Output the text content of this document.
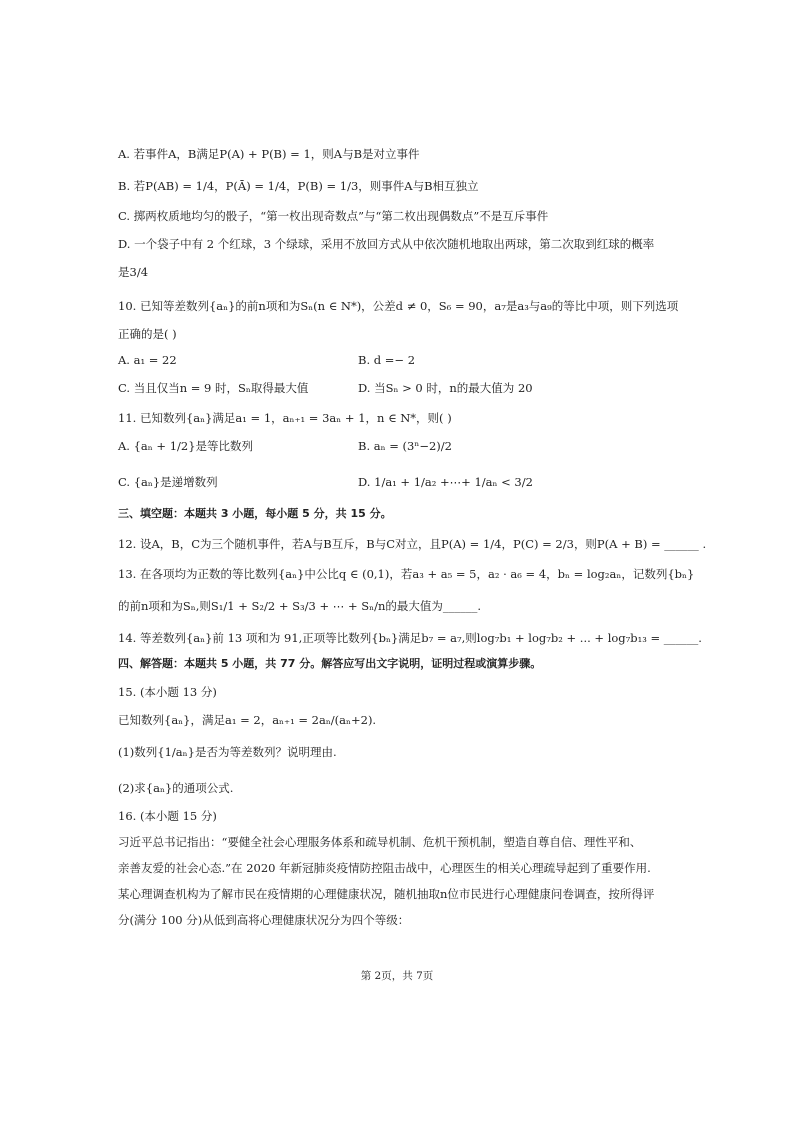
A. 若事件A，B满足P(A) + P(B) = 1，则A与B是对立事件
B. 若P(AB) = 1/4，P(Ā) = 1/4，P(B) = 1/3，则事件A与B相互独立
C. 掷两枚质地均匀的骰子，“第一枚出现奇数点”与“第二枚出现偶数点”不是互斥事件
D. 一个袋子中有 2 个红球，3 个绿球，采用不放回方式从中依次随机地取出两球，第二次取到红球的概率
是3/4
10. 已知等差数列{aₙ}的前n项和为Sₙ(n ∈ N*)，公差d ≠ 0，S₆ = 90，a₇是a₃与a₉的等比中项，则下列选项
正确的是( )
11. 已知数列{aₙ}满足a₁ = 1，aₙ₊₁ = 3aₙ + 1，n ∈ N*，则( )
三、填空题：本题共 3 小题，每小题 5 分，共 15 分。
12. 设A，B，C为三个随机事件，若A与B互斥，B与C对立，且P(A) = 1/4，P(C) = 2/3，则P(A + B) = ______ .
13. 在各项均为正数的等比数列{aₙ}中公比q ∈ (0,1)，若a₃ + a₅ = 5，a₂ · a₆ = 4，bₙ = log₂aₙ，记数列{bₙ}
的前n项和为Sₙ,则S₁/1 + S₂/2 + S₃/3 + ⋯ + Sₙ/n的最大值为______.
14. 等差数列{aₙ}前 13 项和为 91,正项等比数列{bₙ}满足b₇ = a₇,则log₇b₁ + log₇b₂ + ... + log₇b₁₃ = ______.
四、解答题：本题共 5 小题，共 77 分。解答应写出文字说明，证明过程或演算步骤。
15. (本小题 13 分)
已知数列{aₙ}，满足a₁ = 2，aₙ₊₁ = 2aₙ/(aₙ+2).
(1)数列{1/aₙ}是否为等差数列？说明理由.
(2)求{aₙ}的通项公式.
16. (本小题 15 分)
习近平总书记指出：“要健全社会心理服务体系和疏导机制、危机干预机制，塑造自尊自信、理性平和、
亲善友爱的社会心态.”在 2020 年新冠肺炎疫情防控阻击战中，心理医生的相关心理疏导起到了重要作用.
某心理调查机构为了解市民在疫情期的心理健康状况，随机抽取n位市民进行心理健康问卷调查，按所得评
分(满分 100 分)从低到高将心理健康状况分为四个等级：
A. a₁ = 22	B. d =− 2
C. 当且仅当n = 9 时，Sₙ取得最大值	D. 当Sₙ > 0 时，n的最大值为 20
A. {aₙ + 1/2}是等比数列	B. aₙ = (3ⁿ−2)/2
C. {aₙ}是递增数列	D. 1/a₁ + 1/a₂ +⋯+ 1/aₙ < 3/2
第 2页，共 7页
